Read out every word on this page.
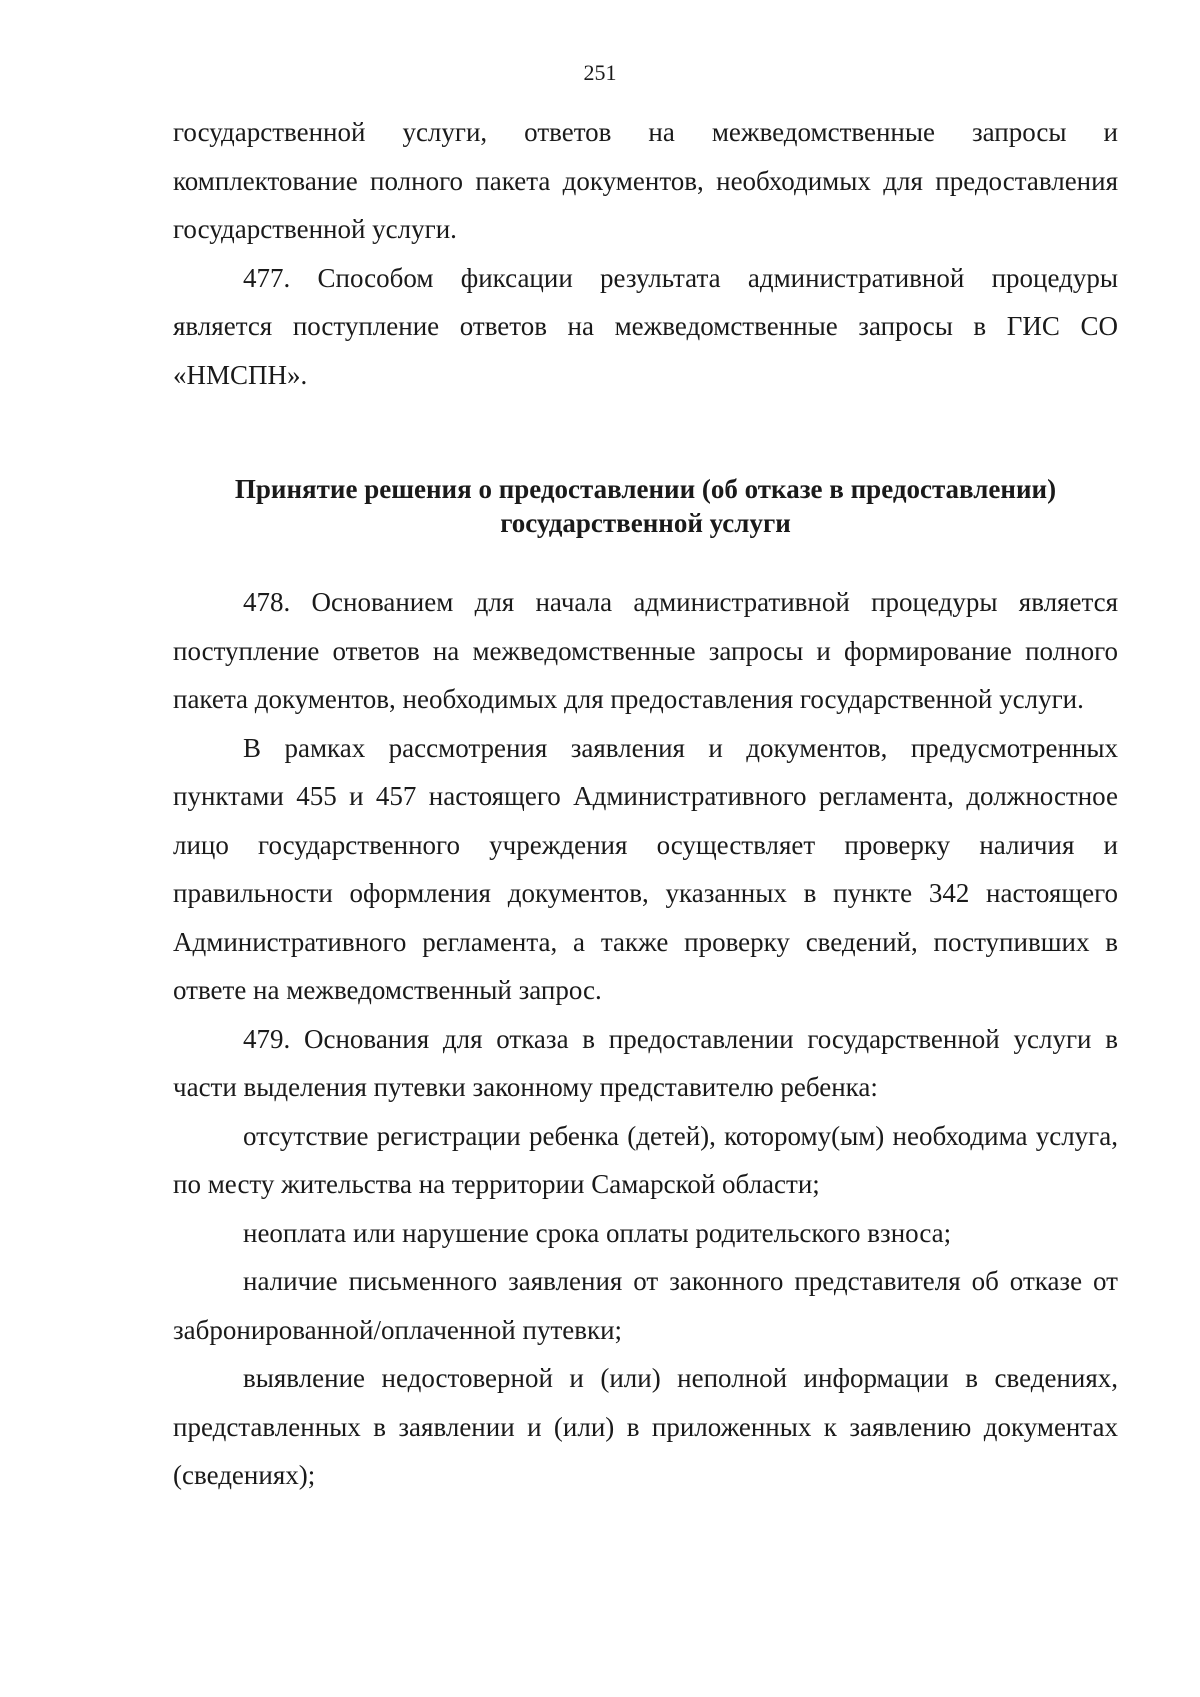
251

государственной услуги, ответов на межведомственные запросы и комплектование полного пакета документов, необходимых для предоставления государственной услуги.

477. Способом фиксации результата административной процедуры является поступление ответов на межведомственные запросы в ГИС СО «НМСПН».

Принятие решения о предоставлении (об отказе в предоставлении)
государственной услуги

478. Основанием для начала административной процедуры является поступление ответов на межведомственные запросы и формирование полного пакета документов, необходимых для предоставления государственной услуги.

В рамках рассмотрения заявления и документов, предусмотренных пунктами 455 и 457 настоящего Административного регламента, должностное лицо государственного учреждения осуществляет проверку наличия и правильности оформления документов, указанных в пункте 342 настоящего Административного регламента, а также проверку сведений, поступивших в ответе на межведомственный запрос.

479. Основания для отказа в предоставлении государственной услуги в части выделения путевки законному представителю ребенка:

отсутствие регистрации ребенка (детей), которому(ым) необходима услуга, по месту жительства на территории Самарской области;

неоплата или нарушение срока оплаты родительского взноса;

наличие письменного заявления от законного представителя об отказе от забронированной/оплаченной путевки;

выявление недостоверной и (или) неполной информации в сведениях, представленных в заявлении и (или) в приложенных к заявлению документах (сведениях);
